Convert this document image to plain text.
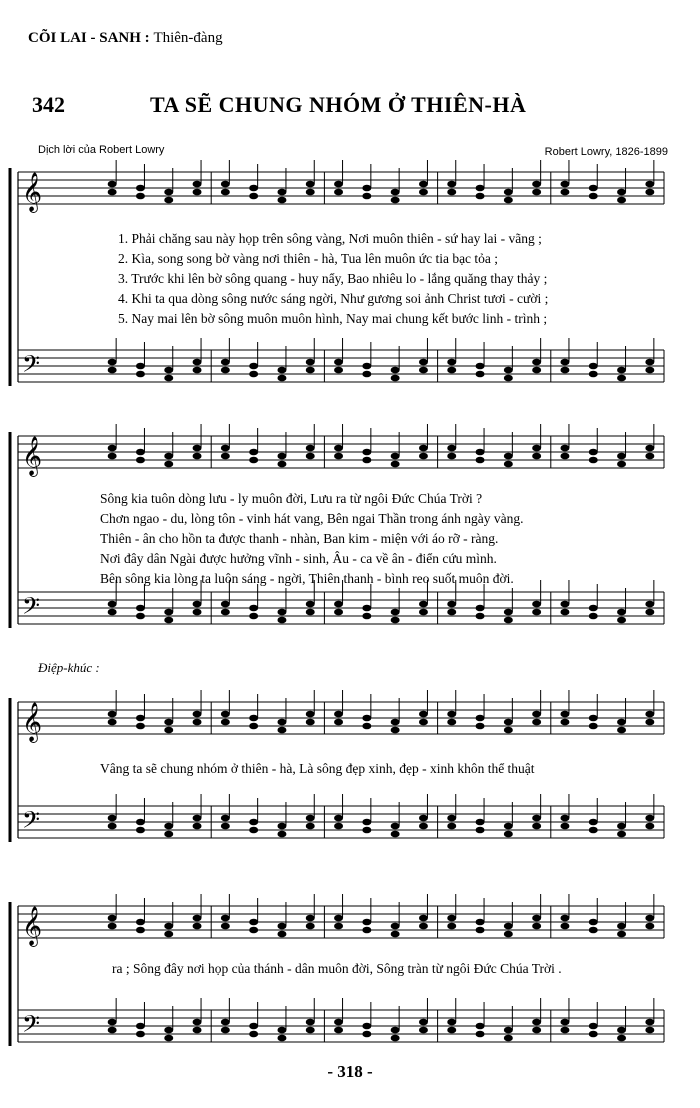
𝄞
𝄢
𝄞
𝄢
𝄞
𝄢
𝄞
𝄢
CÕI LAI - SANH : Thiên-đàng
342	TA SẼ CHUNG NHÓM Ở THIÊN-HÀ
Dịch lời của Robert Lowry	Robert Lowry, 1826-1899
1. Phải chăng sau này họp trên sông vàng, Nơi muôn thiên - sứ hay lai - vãng ;
2. Kìa, song song bờ vàng nơi thiên - hà, Tua lên muôn ức tia bạc tỏa ;
3. Trước khi lên bờ sông quang - huy nẩy, Bao nhiêu lo - lắng quăng thay thảy ;
4. Khi ta qua dòng sông nước sáng ngời, Như gương soi ảnh Christ tươi - cười ;
5. Nay mai lên bờ sông muôn muôn hình, Nay mai chung kết bước linh - trình ;
Sông kia tuôn dòng lưu - ly muôn đời, Lưu ra từ ngôi Đức Chúa Trời ?
Chơn ngao - du, lòng tôn - vinh hát vang, Bên ngai Thần trong ánh ngày vàng.
Thiên - ân cho hồn ta được thanh - nhàn, Ban kim - miện với áo rỡ - ràng.
Nơi đây dân Ngài được hưởng vĩnh - sinh, Âu - ca về ân - điển cứu mình.
Bên sông kia lòng ta luôn sáng - ngời, Thiên thanh - bình reo suốt muôn đời.
Điệp-khúc :
Vâng ta sẽ chung nhóm ở thiên - hà, Là sông đẹp xinh, đẹp - xinh khôn thể thuật
ra ; Sông đây nơi họp của thánh - dân muôn đời, Sông tràn từ ngôi Đức Chúa Trời .
- 318 -
